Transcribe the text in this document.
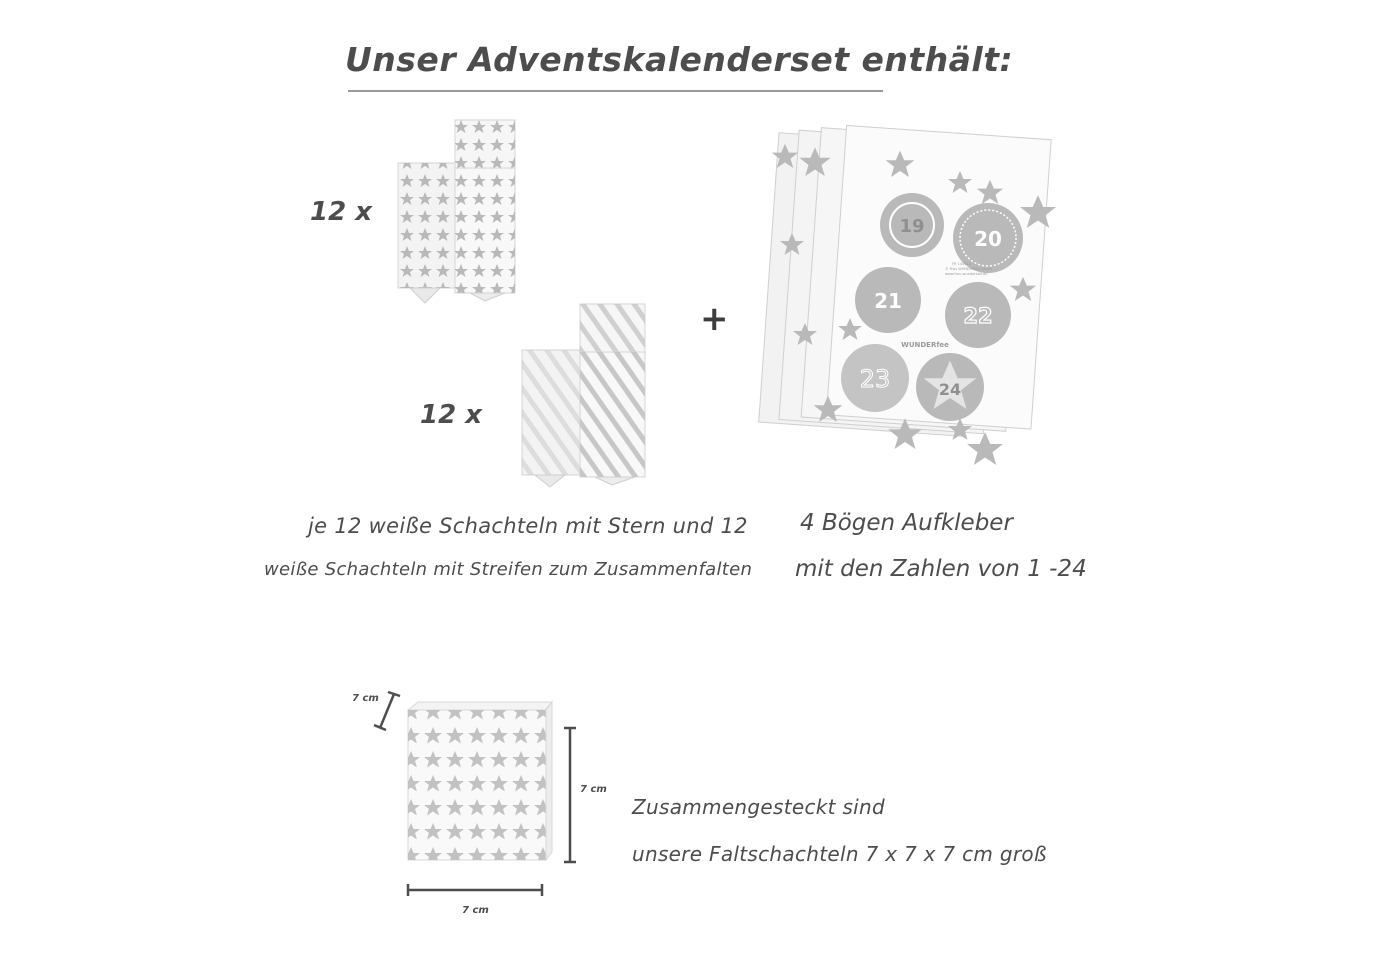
Unser Adventskalenderset enthält:
12 x
12 x
+
19
20
21
22
23	24
WUNDERfee
FR 143610
© Frau WUNDERVoll GmbH
www.frau-wundervoll.de
je 12 weiße Schachteln mit Stern und 12
weiße Schachteln mit Streifen zum Zusammenfalten
4 Bögen Aufkleber
mit den Zahlen von 1 -24
7 cm
7 cm
7 cm
Zusammengesteckt sind
unsere Faltschachteln 7 x 7 x 7 cm groß
